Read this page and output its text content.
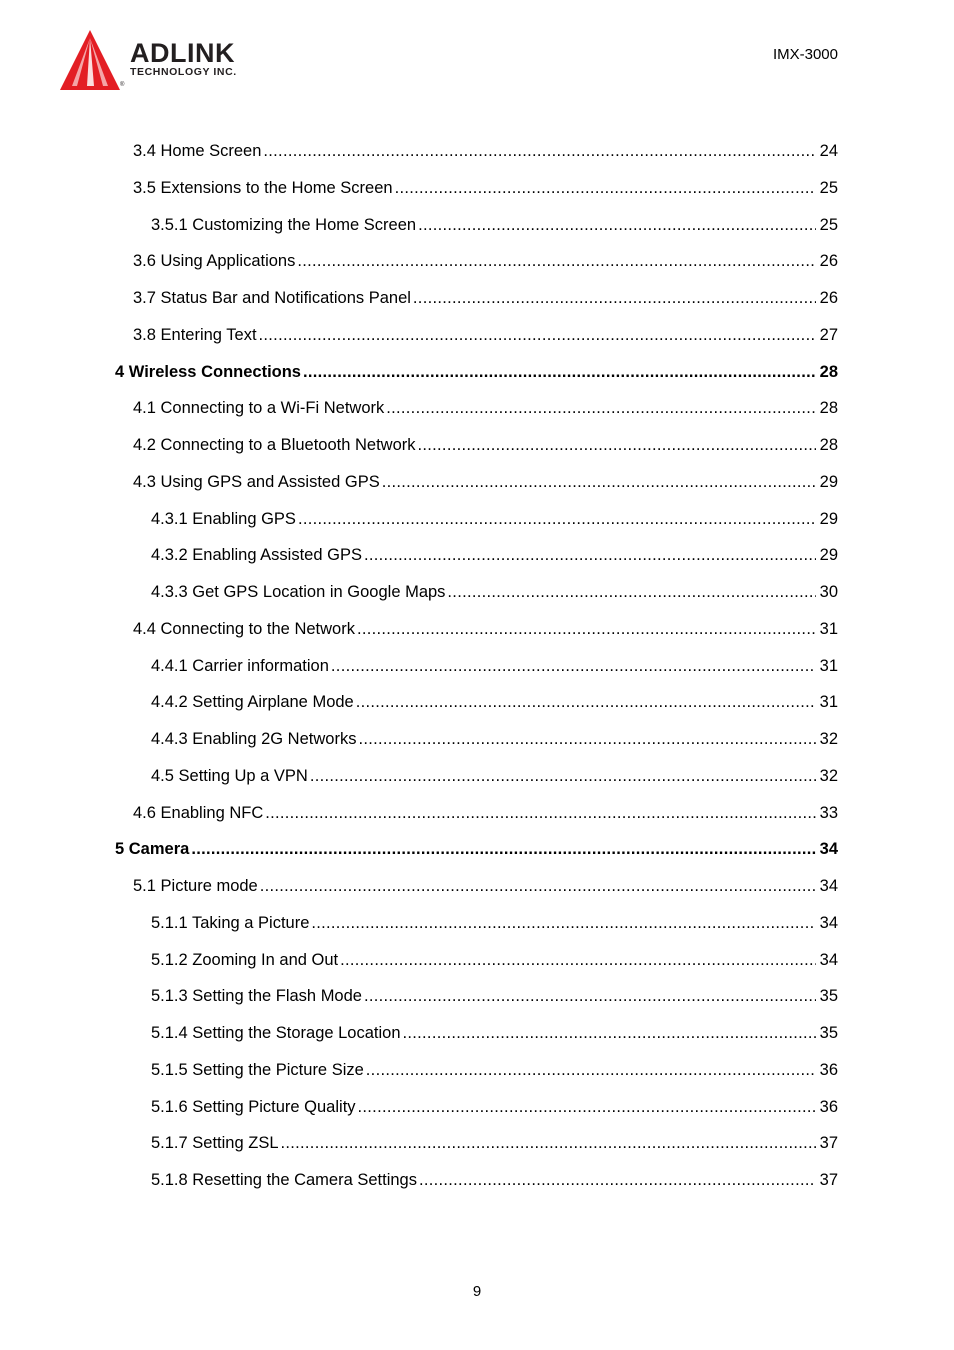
ADLINK
TECHNOLOGY INC.
®
IMX-3000
3.4 Home Screen .....	24
3.5 Extensions to the Home Screen .....	25
3.5.1 Customizing the Home Screen .....	25
3.6 Using Applications .....	26
3.7 Status Bar and Notifications Panel .....	26
3.8 Entering Text .....	27
4 Wireless Connections .....	28
4.1 Connecting to a Wi-Fi Network .....	28
4.2 Connecting to a Bluetooth Network .....	28
4.3 Using GPS and Assisted GPS .....	29
4.3.1 Enabling GPS .....	29
4.3.2 Enabling Assisted GPS .....	29
4.3.3 Get GPS Location in Google Maps .....	30
4.4 Connecting to the Network .....	31
4.4.1 Carrier information .....	31
4.4.2 Setting Airplane Mode .....	31
4.4.3 Enabling 2G Networks .....	32
4.5 Setting Up a VPN .....	32
4.6 Enabling NFC .....	33
5 Camera .....	34
5.1 Picture mode .....	34
5.1.1 Taking a Picture .....	34
5.1.2 Zooming In and Out .....	34
5.1.3 Setting the Flash Mode .....	35
5.1.4 Setting the Storage Location .....	35
5.1.5 Setting the Picture Size .....	36
5.1.6 Setting Picture Quality .....	36
5.1.7 Setting ZSL .....	37
5.1.8 Resetting the Camera Settings .....	37
9
